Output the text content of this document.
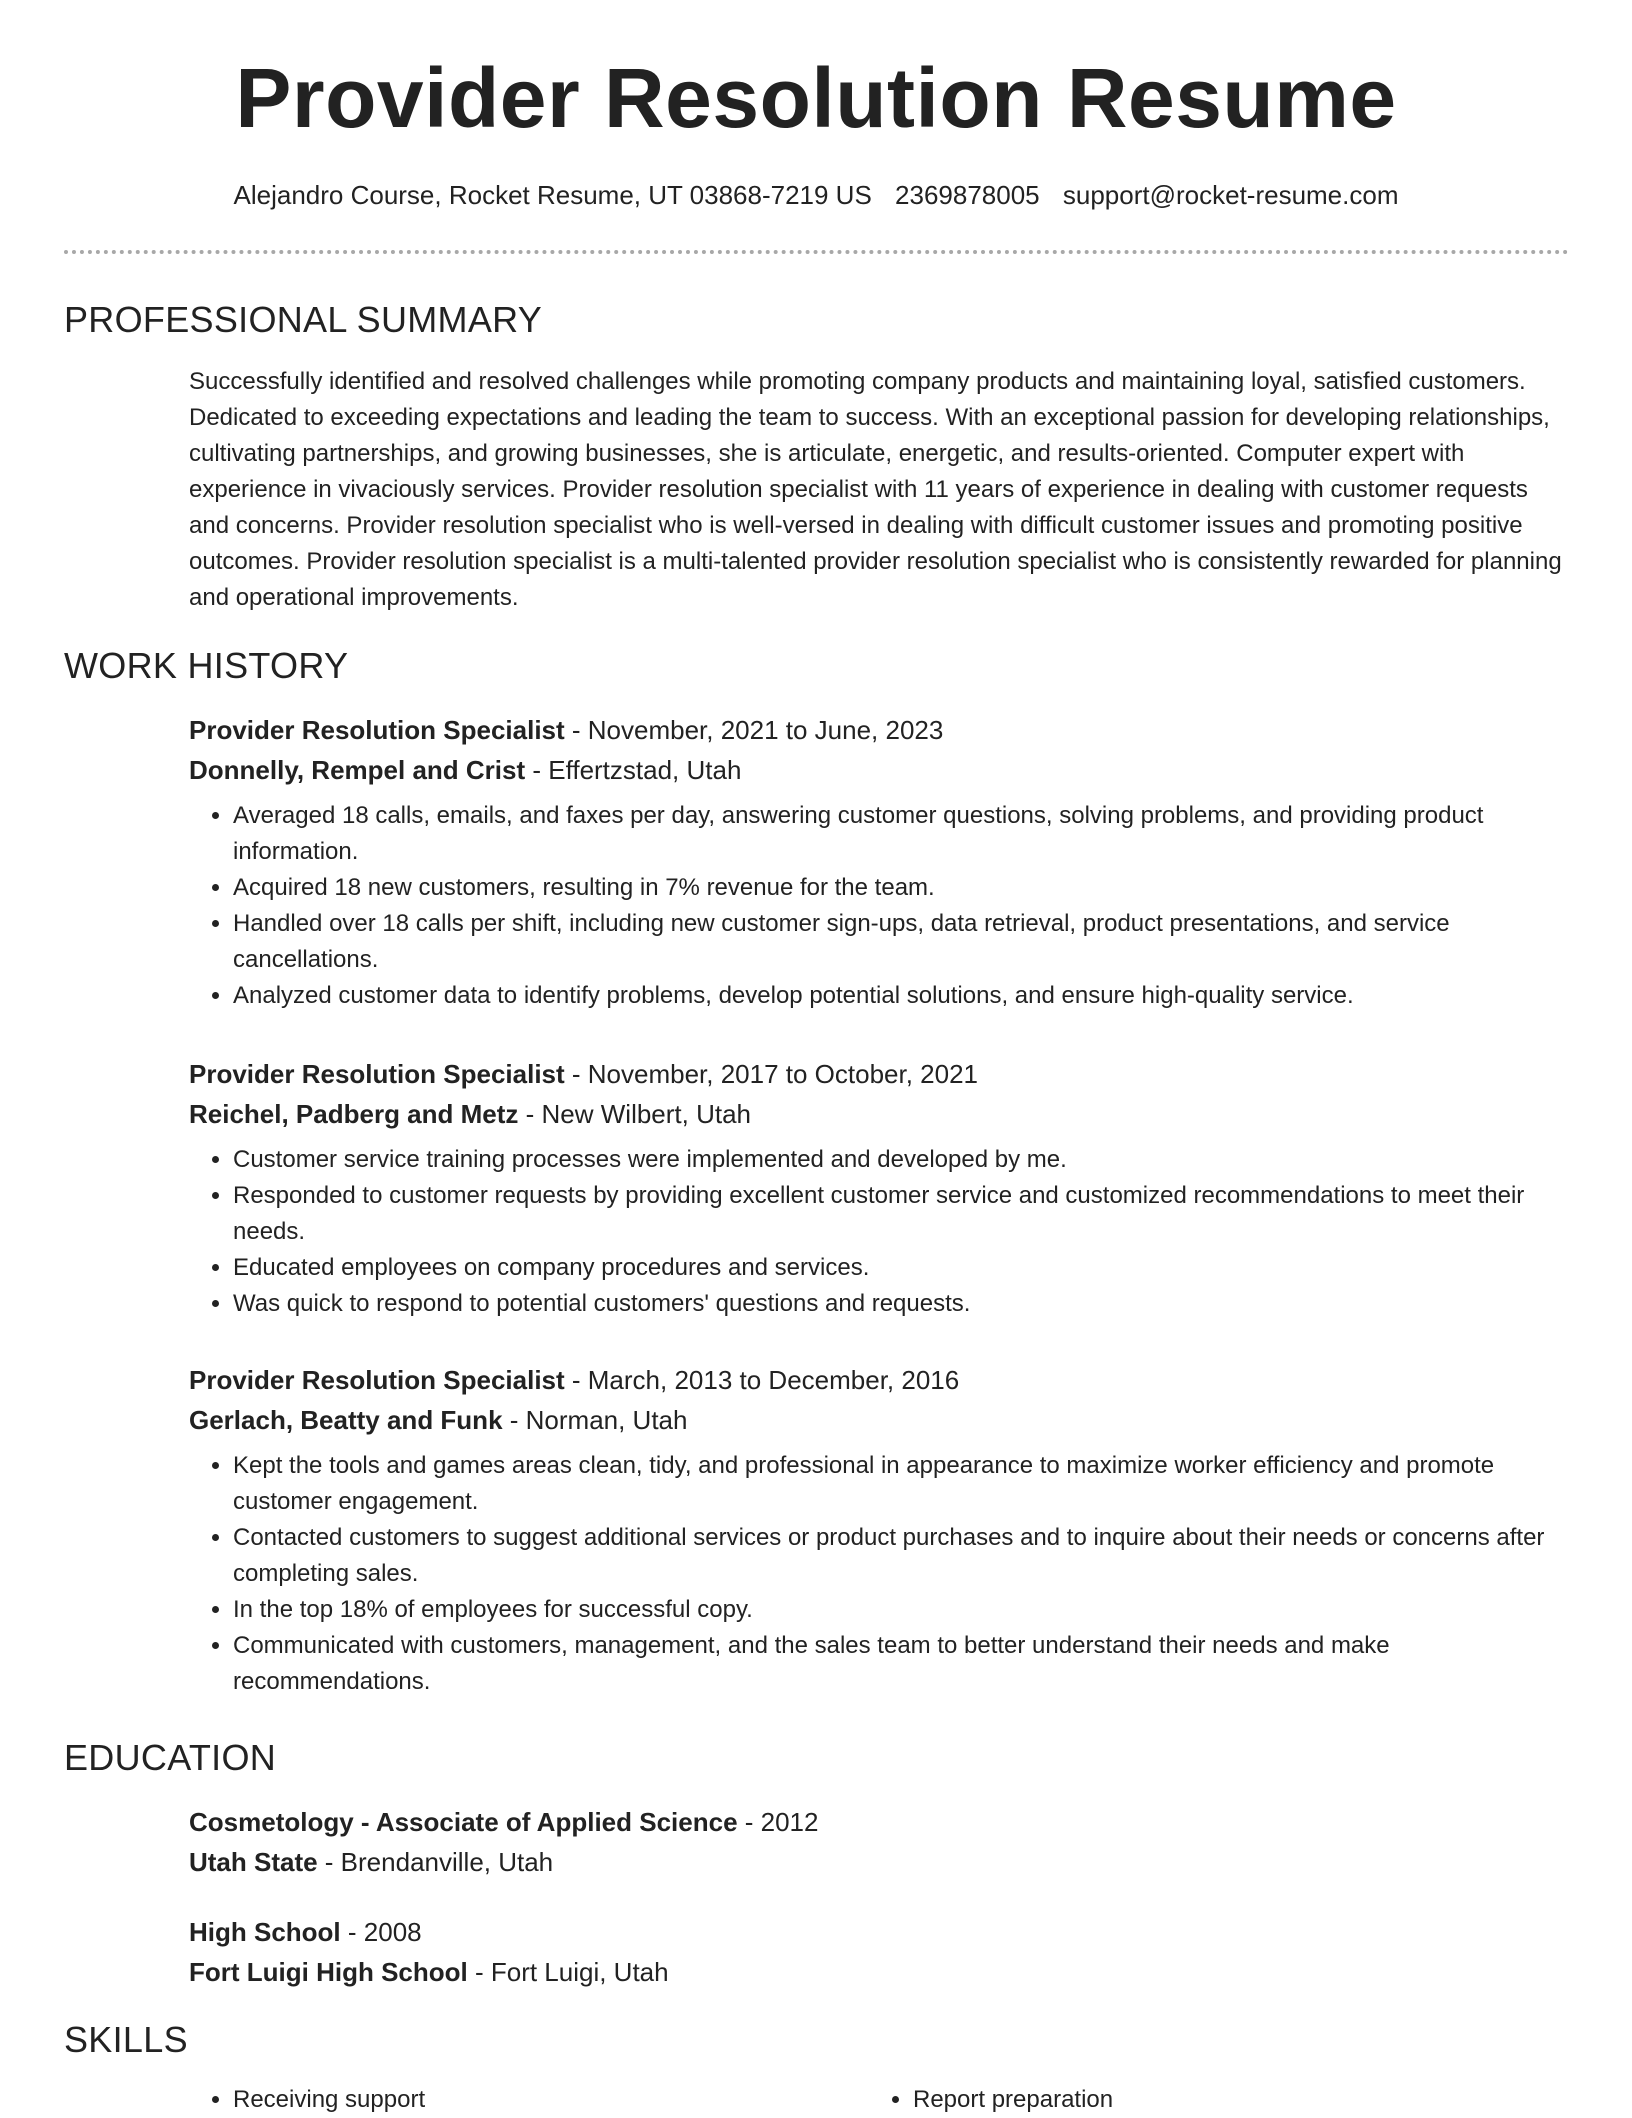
Provider Resolution Resume
Alejandro Course, Rocket Resume, UT 03868-7219 US 2369878005 support@rocket-resume.com
PROFESSIONAL SUMMARY

Successfully identified and resolved challenges while promoting company products and maintaining loyal, satisfied customers. Dedicated to exceeding expectations and leading the team to success. With an exceptional passion for developing relationships, cultivating partnerships, and growing businesses, she is articulate, energetic, and results-oriented. Computer expert with experience in vivaciously services. Provider resolution specialist with 11 years of experience in dealing with customer requests and concerns. Provider resolution specialist who is well-versed in dealing with difficult customer issues and promoting positive outcomes. Provider resolution specialist is a multi-talented provider resolution specialist who is consistently rewarded for planning and operational improvements.

WORK HISTORY
Provider Resolution Specialist - November, 2021 to June, 2023
Donnelly, Rempel and Crist - Effertzstad, Utah
• Averaged 18 calls, emails, and faxes per day, answering customer questions, solving problems, and providing product information.
• Acquired 18 new customers, resulting in 7% revenue for the team.
• Handled over 18 calls per shift, including new customer sign-ups, data retrieval, product presentations, and service cancellations.
• Analyzed customer data to identify problems, develop potential solutions, and ensure high-quality service.
Provider Resolution Specialist - November, 2017 to October, 2021
Reichel, Padberg and Metz - New Wilbert, Utah
• Customer service training processes were implemented and developed by me.
• Responded to customer requests by providing excellent customer service and customized recommendations to meet their needs.
• Educated employees on company procedures and services.
• Was quick to respond to potential customers' questions and requests.
Provider Resolution Specialist - March, 2013 to December, 2016
Gerlach, Beatty and Funk - Norman, Utah
• Kept the tools and games areas clean, tidy, and professional in appearance to maximize worker efficiency and promote customer engagement.
• Contacted customers to suggest additional services or product purchases and to inquire about their needs or concerns after completing sales.
• In the top 18% of employees for successful copy.
• Communicated with customers, management, and the sales team to better understand their needs and make recommendations.
EDUCATION
Cosmetology - Associate of Applied Science - 2012
Utah State - Brendanville, Utah
High School - 2008
Fort Luigi High School - Fort Luigi, Utah
SKILLS
• Receiving support
•	Report preparation
